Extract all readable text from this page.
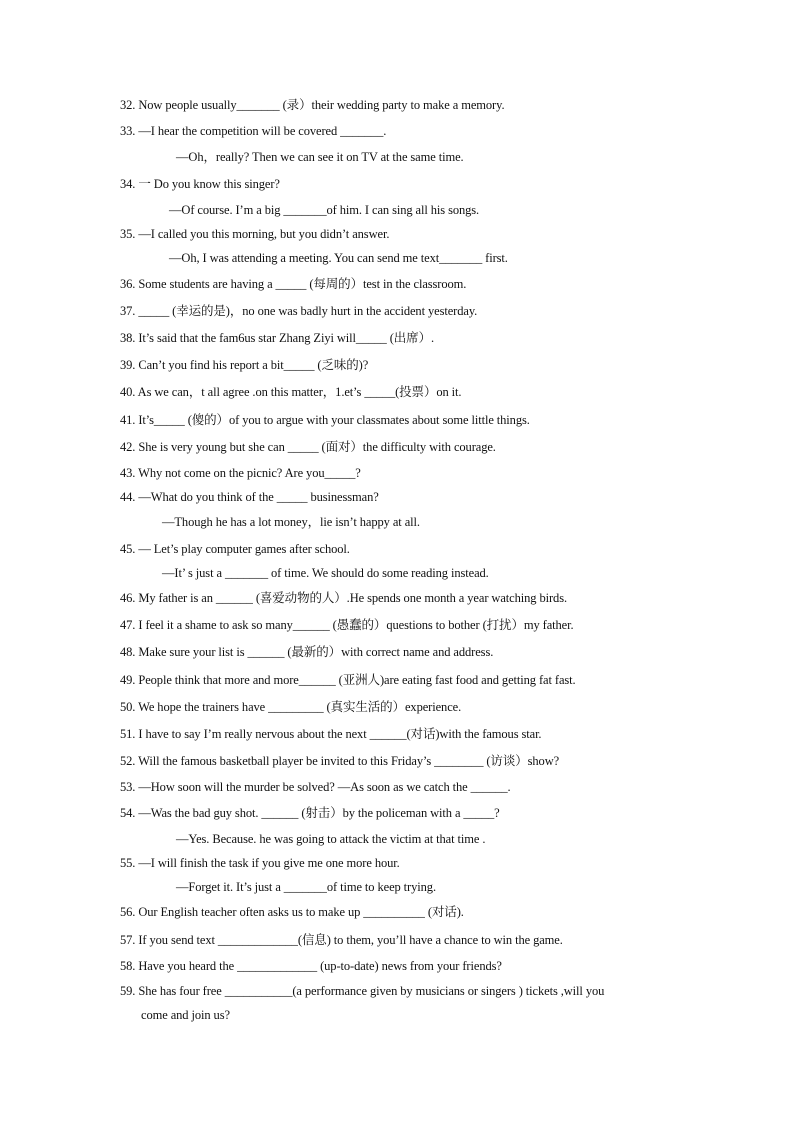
32. Now people usually_______ (录）their wedding party to make a memory.
33. —I hear the competition will be covered _______.
—Oh，really? Then we can see it on TV at the same time.
34. 一 Do you know this singer?
—Of course. I’m a big _______of him. I can sing all his songs.
35. —I called you this morning, but you didn’t answer.
—Oh, I was attending a meeting. You can send me text_______ first.
36. Some students are having a _____ (每周的）test in the classroom.
37. _____ (幸运的是)，no one was badly hurt in the accident yesterday.
38. It’s said that the fam6us star Zhang Ziyi will_____ (出席）.
39. Can’t you find his report a bit_____ (乏味的)?
40. As we can，t all agree .on this matter，1.et’s _____(投票）on it.
41. It’s_____ (傻的）of you to argue with your classmates about some little things.
42. She is very young but she can _____ (面对）the difficulty with courage.
43. Why not come on the picnic? Are you_____?
44. —What do you think of the _____ businessman?
—Though he has a lot money，lie isn’t happy at all.
45. — Let’s play computer games after school.
—It’ s just a _______ of time. We should do some reading instead.
46. My father is an ______ (喜爱动物的人）.He spends one month a year watching birds.
47. I feel it a shame to ask so many______ (愚蠢的）questions to bother (打扰）my father.
48. Make sure your list is ______ (最新的）with correct name and address.
49. People think that more and more______ (亚洲人)are eating fast food and getting fat fast.
50. We hope the trainers have _________ (真实生活的）experience.
51. I have to say I’m really nervous about the next ______(对话)with the famous star.
52. Will the famous basketball player be invited to this Friday’s ________ (访谈）show?
53. —How soon will the murder be solved? —As soon as we catch the ______.
54. —Was the bad guy shot. ______ (射击）by the policeman with a _____?
—Yes. Because. he was going to attack the victim at that time .
55. —I will finish the task if you give me one more hour.
—Forget it. It’s just a _______of time to keep trying.
56. Our English teacher often asks us to make up __________ (对话).
57. If you send text _____________(信息) to them, you’ll have a chance to win the game.
58. Have you heard the _____________ (up-to-date) news from your friends?
59. She has four free ___________(a performance given by musicians or singers ) tickets ,will you
come and join us?
